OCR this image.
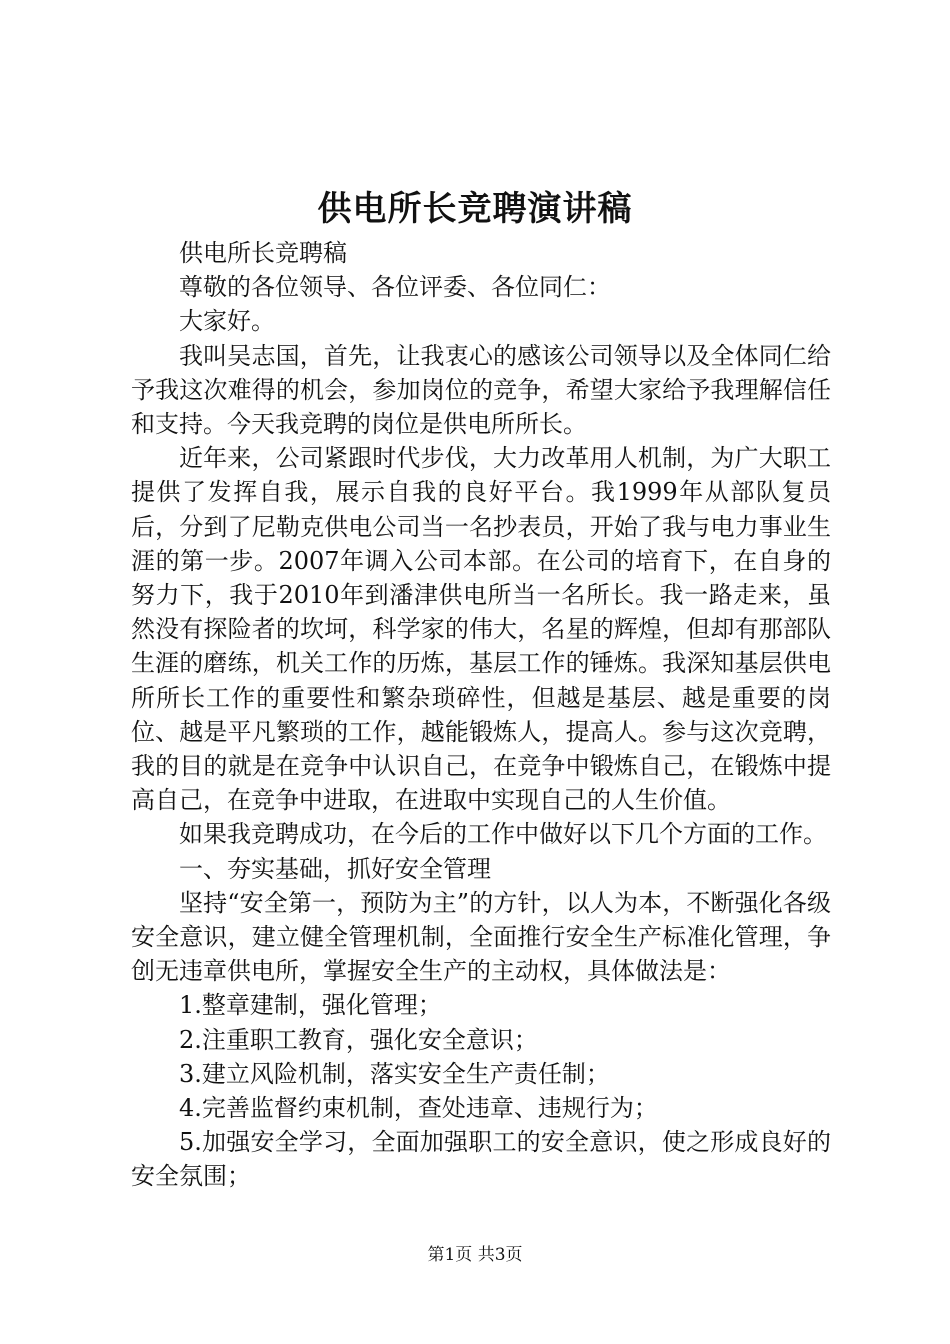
供电所长竞聘演讲稿

供电所长竞聘稿

尊敬的各位领导、各位评委、各位同仁：

大家好。

我叫吴志国，首先，让我衷心的感该公司领导以及全体同仁给予我这次难得的机会，参加岗位的竞争，希望大家给予我理解信任和支持。今天我竞聘的岗位是供电所所长。

近年来，公司紧跟时代步伐，大力改革用人机制，为广大职工提供了发挥自我，展示自我的良好平台。我1999年从部队复员后，分到了尼勒克供电公司当一名抄表员，开始了我与电力事业生涯的第一步。2007年调入公司本部。在公司的培育下，在自身的努力下，我于2010年到潘津供电所当一名所长。我一路走来，虽然没有探险者的坎坷，科学家的伟大，名星的辉煌，但却有那部队生涯的磨练，机关工作的历炼，基层工作的锤炼。我深知基层供电所所长工作的重要性和繁杂琐碎性，但越是基层、越是重要的岗位、越是平凡繁琐的工作，越能锻炼人，提高人。参与这次竞聘，我的目的就是在竞争中认识自己，在竞争中锻炼自己，在锻炼中提高自己，在竞争中进取，在进取中实现自己的人生价值。

如果我竞聘成功，在今后的工作中做好以下几个方面的工作。

一、夯实基础，抓好安全管理

坚持“安全第一，预防为主”的方针，以人为本，不断强化各级安全意识，建立健全管理机制，全面推行安全生产标准化管理，争创无违章供电所，掌握安全生产的主动权，具体做法是：

1.整章建制，强化管理；

2.注重职工教育，强化安全意识；

3.建立风险机制，落实安全生产责任制；

4.完善监督约束机制，查处违章、违规行为；

5.加强安全学习，全面加强职工的安全意识，使之形成良好的安全氛围；

第1页 共3页
